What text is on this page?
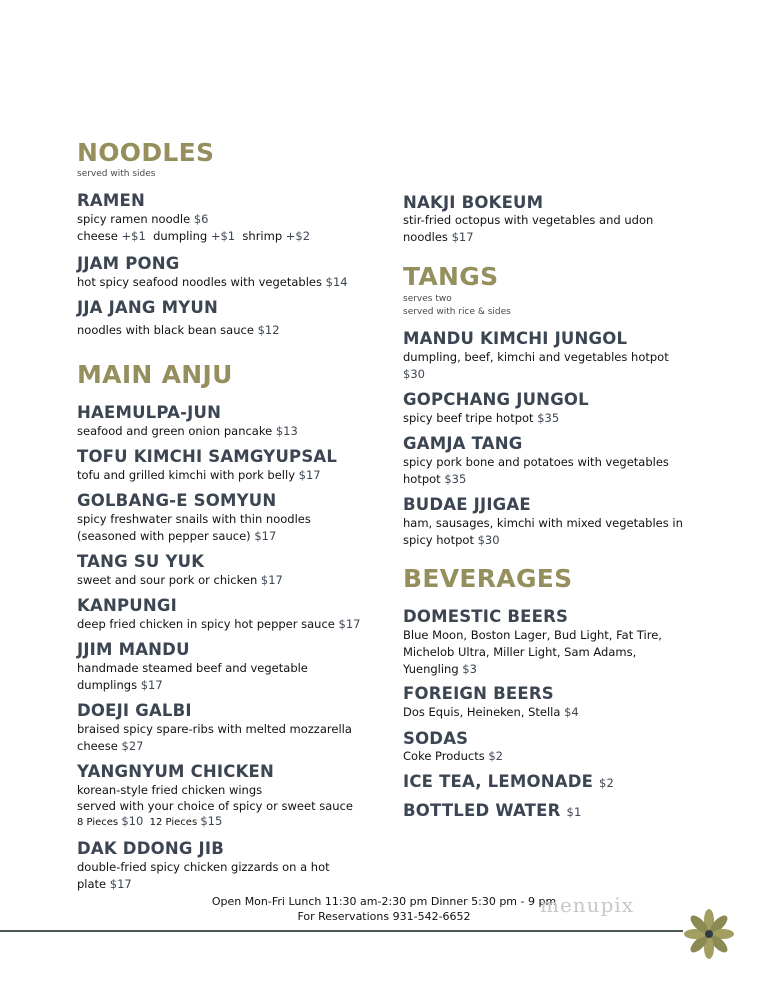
NOODLES
served with sides
RAMEN
spicy ramen noodle $6
cheese +$1 dumpling +$1 shrimp +$2
JJAM PONG
hot spicy seafood noodles with vegetables $14
JJA JANG MYUN
noodles with black bean sauce $12
MAIN ANJU
HAEMULPA-JUN
seafood and green onion pancake $13
TOFU KIMCHI SAMGYUPSAL
tofu and grilled kimchi with pork belly $17
GOLBANG-E SOMYUN
spicy freshwater snails with thin noodles (seasoned with pepper sauce) $17
TANG SU YUK
sweet and sour pork or chicken $17
KANPUNGI
deep fried chicken in spicy hot pepper sauce $17
JJIM MANDU
handmade steamed beef and vegetable dumplings $17
DOEJI GALBI
braised spicy spare-ribs with melted mozzarella cheese $27
YANGNYUM CHICKEN
korean-style fried chicken wings
served with your choice of spicy or sweet sauce
8 Pieces $10 12 Pieces $15
DAK DDONG JIB
double-fried spicy chicken gizzards on a hot plate $17
NAKJI BOKEUM
stir-fried octopus with vegetables and udon noodles $17
TANGS
serves two
served with rice & sides
MANDU KIMCHI JUNGOL
dumpling, beef, kimchi and vegetables hotpot $30
GOPCHANG JUNGOL
spicy beef tripe hotpot $35
GAMJA TANG
spicy pork bone and potatoes with vegetables hotpot $35
BUDAE JJIGAE
ham, sausages, kimchi with mixed vegetables in spicy hotpot $30
BEVERAGES
DOMESTIC BEERS
Blue Moon, Boston Lager, Bud Light, Fat Tire, Michelob Ultra, Miller Light, Sam Adams, Yuengling $3
FOREIGN BEERS
Dos Equis, Heineken, Stella $4
SODAS
Coke Products $2
ICE TEA, LEMONADE $2
BOTTLED WATER $1
Open Mon-Fri Lunch 11:30 am-2:30 pm Dinner 5:30 pm - 9 pm
For Reservations 931-542-6652	menupix
